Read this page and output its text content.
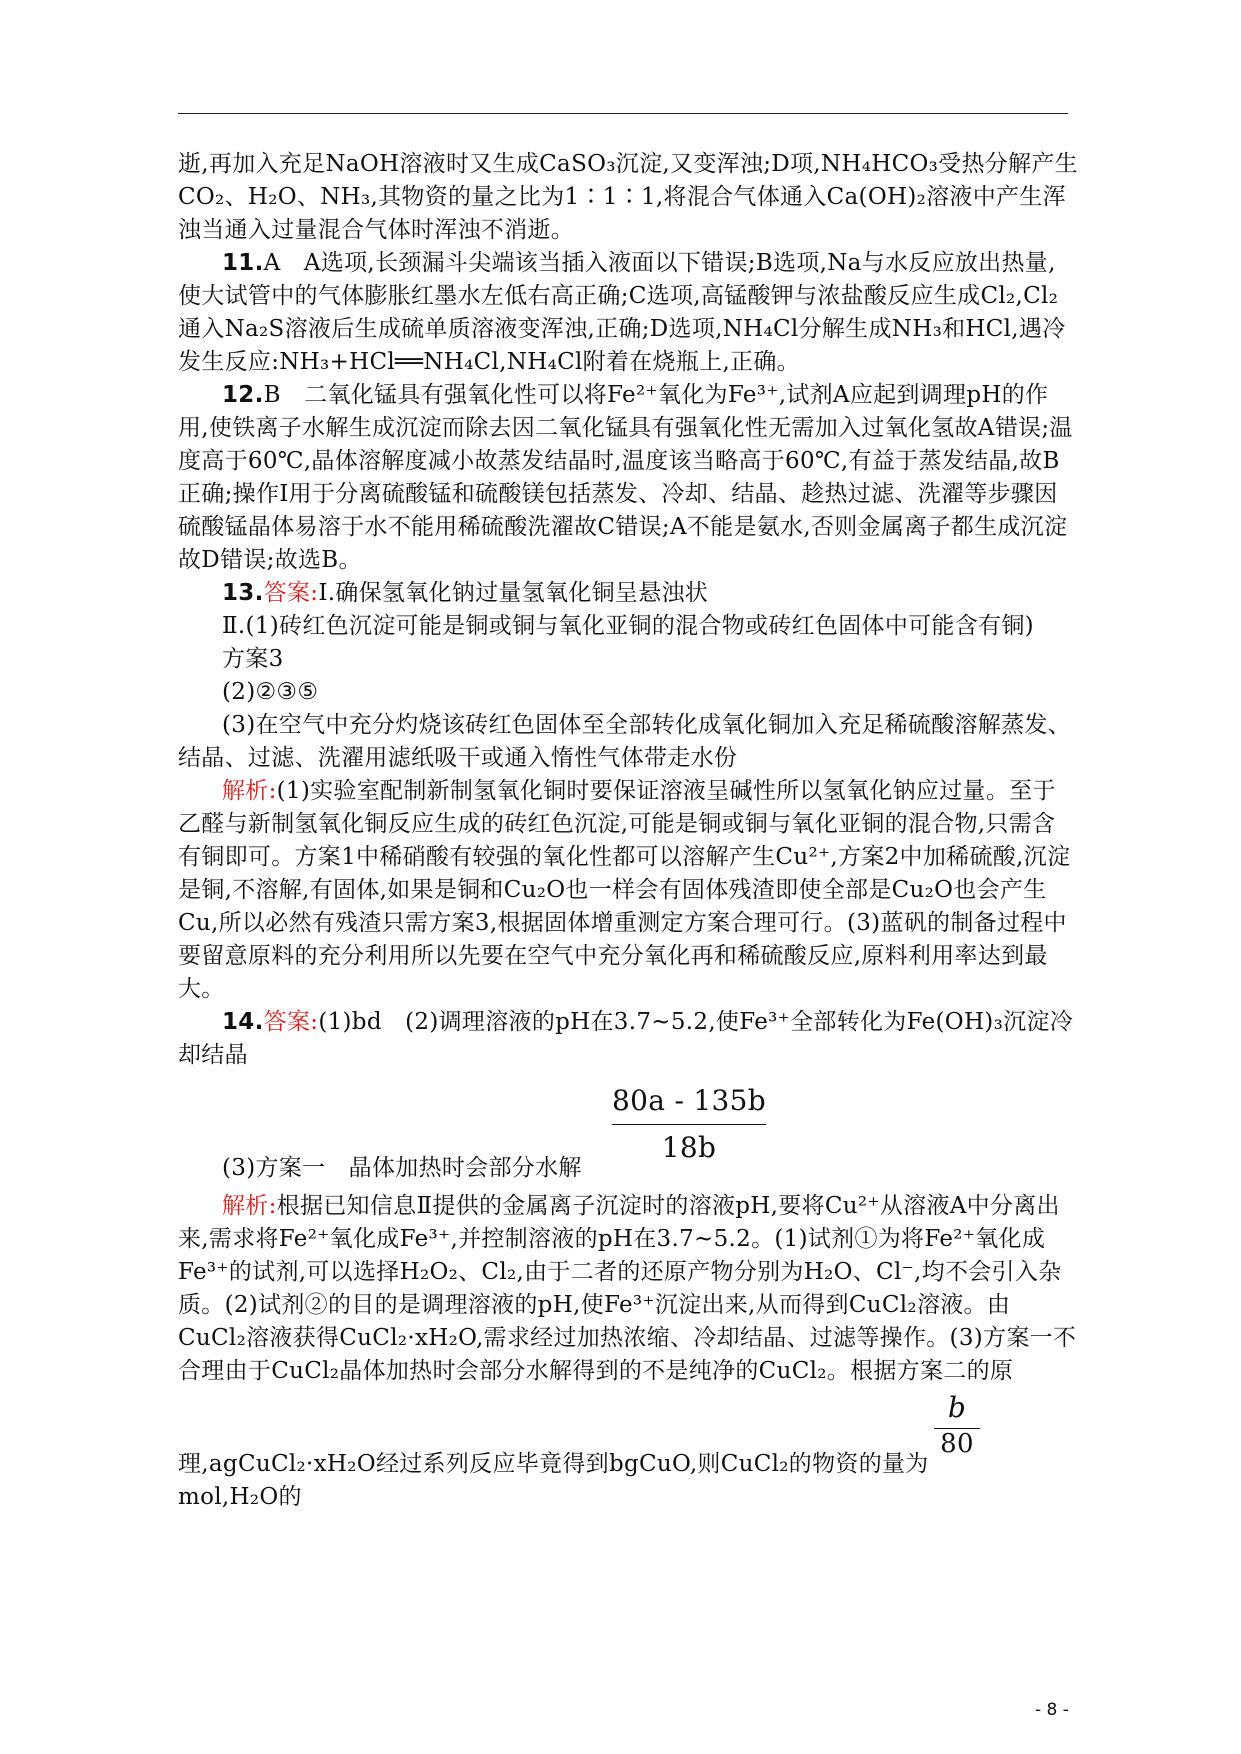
逝,再加入充足NaOH溶液时又生成CaSO₃沉淀,又变浑浊;D项,NH₄HCO₃受热分解产生CO₂、H₂O、NH₃,其物资的量之比为1∶1∶1,将混合气体通入Ca(OH)₂溶液中产生浑浊当通入过量混合气体时浑浊不消逝。

11.A　A选项,长颈漏斗尖端该当插入液面以下错误;B选项,Na与水反应放出热量,使大试管中的气体膨胀红墨水左低右高正确;C选项,高锰酸钾与浓盐酸反应生成Cl₂,Cl₂通入Na₂S溶液后生成硫单质溶液变浑浊,正确;D选项,NH₄Cl分解生成NH₃和HCl,遇冷发生反应:NH₃+HCl══NH₄Cl,NH₄Cl附着在烧瓶上,正确。

12.B　二氧化锰具有强氧化性可以将Fe²⁺氧化为Fe³⁺,试剂A应起到调理pH的作用,使铁离子水解生成沉淀而除去因二氧化锰具有强氧化性无需加入过氧化氢故A错误;温度高于60℃,晶体溶解度减小故蒸发结晶时,温度该当略高于60℃,有益于蒸发结晶,故B正确;操作Ⅰ用于分离硫酸锰和硫酸镁包括蒸发、冷却、结晶、趁热过滤、洗濯等步骤因硫酸锰晶体易溶于水不能用稀硫酸洗濯故C错误;A不能是氨水,否则金属离子都生成沉淀故D错误;故选B。

13.答案:Ⅰ.确保氢氧化钠过量氢氧化铜呈悬浊状

Ⅱ.(1)砖红色沉淀可能是铜或铜与氧化亚铜的混合物或砖红色固体中可能含有铜)　方案3

(2)②③⑤

(3)在空气中充分灼烧该砖红色固体至全部转化成氧化铜加入充足稀硫酸溶解蒸发、结晶、过滤、洗濯用滤纸吸干或通入惰性气体带走水份

解析:(1)实验室配制新制氢氧化铜时要保证溶液呈碱性所以氢氧化钠应过量。至于乙醛与新制氢氧化铜反应生成的砖红色沉淀,可能是铜或铜与氧化亚铜的混合物,只需含有铜即可。方案1中稀硝酸有较强的氧化性都可以溶解产生Cu²⁺,方案2中加稀硫酸,沉淀是铜,不溶解,有固体,如果是铜和Cu₂O也一样会有固体残渣即使全部是Cu₂O也会产生Cu,所以必然有残渣只需方案3,根据固体增重测定方案合理可行。(3)蓝矾的制备过程中要留意原料的充分利用所以先要在空气中充分氧化再和稀硫酸反应,原料利用率达到最大。

14.答案:(1)bd　(2)调理溶液的pH在3.7~5.2,使Fe³⁺全部转化为Fe(OH)₃沉淀冷却结晶

(3)方案一　晶体加热时会部分水解
80a - 135b
18b

解析:根据已知信息Ⅱ提供的金属离子沉淀时的溶液pH,要将Cu²⁺从溶液A中分离出来,需求将Fe²⁺氧化成Fe³⁺,并控制溶液的pH在3.7~5.2。(1)试剂①为将Fe²⁺氧化成Fe³⁺的试剂,可以选择H₂O₂、Cl₂,由于二者的还原产物分别为H₂O、Cl⁻,均不会引入杂质。(2)试剂②的目的是调理溶液的pH,使Fe³⁺沉淀出来,从而得到CuCl₂溶液。由CuCl₂溶液获得CuCl₂·xH₂O,需求经过加热浓缩、冷却结晶、过滤等操作。(3)方案一不合理由于CuCl₂晶体加热时会部分水解得到的不是纯净的CuCl₂。根据方案二的原

理,agCuCl₂·xH₂O经过系列反应毕竟得到bgCuO,则CuCl₂的物资的量为mol,H₂O的
b
80
- 8 -
